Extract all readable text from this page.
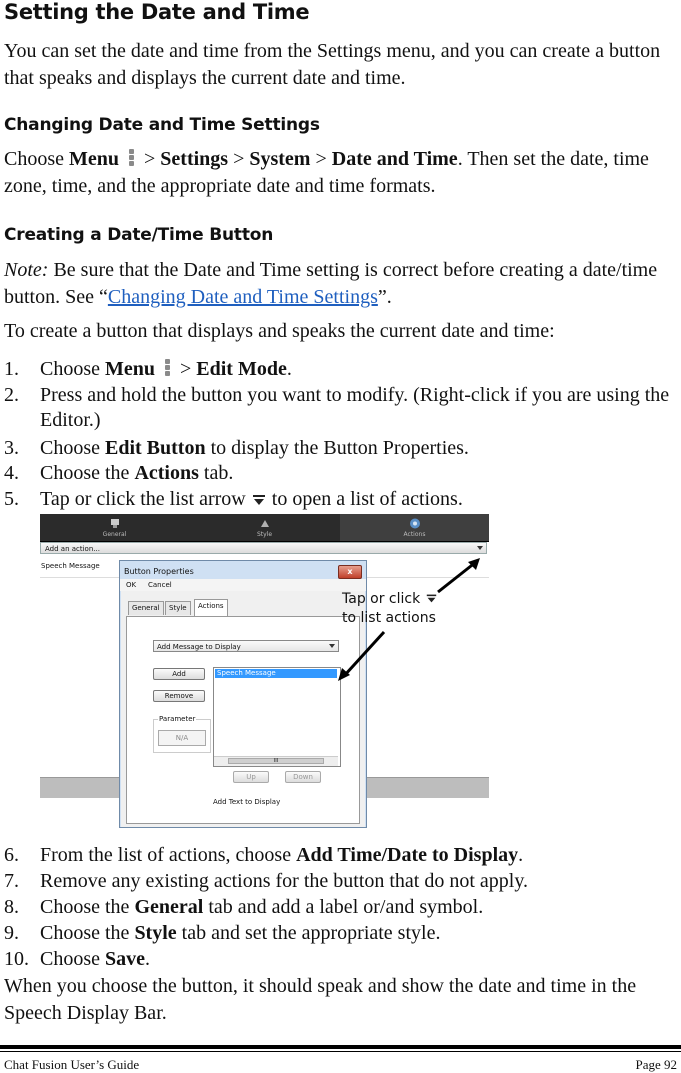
Setting the Date and Time
You can set the date and time from the Settings menu, and you can create a button that speaks and displays the current date and time.
Changing Date and Time Settings
Choose Menu > Settings > System > Date and Time. Then set the date, time zone, time, and the appropriate date and time formats.
Creating a Date/Time Button
Note: Be sure that the Date and Time setting is correct before creating a date/time button. See “Changing Date and Time Settings”.
To create a button that displays and speaks the current date and time:
1. Choose Menu
> Edit Mode.
2. Press and hold the button you want to modify. (Right-click if you are using the Editor.)
3. Choose Edit Button to display the Button Properties.
4. Choose the Actions tab.
5. Tap or click the list arrow  to open a list of actions.
General	Style	Actions
Add an action...
Speech Message
Button Properties	x
OK Cancel
General	Style	Actions
Add Message to Display
Add
Remove
Speech Message
III
Parameter
N/A
Up	Down
Add Text to Display
Tap or click
to list actions
6. From the list of actions, choose Add Time/Date to Display.
7. Remove any existing actions for the button that do not apply.
8. Choose the General tab and add a label or/and symbol.
9. Choose the Style tab and set the appropriate style.
10. Choose Save.
When you choose the button, it should speak and show the date and time in the Speech Display Bar.
Chat Fusion User’s Guide	Page 92
